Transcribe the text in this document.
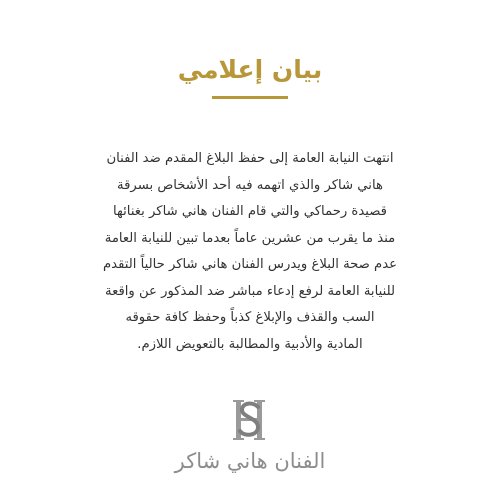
بيان إعلامي
انتهت النيابة العامة إلى حفظ البلاغ المقدم ضد الفنان
هاني شاكر والذي اتهمه فيه أحد الأشخاص بسرقة
قصيدة رحماكي والتي قام الفنان هاني شاكر بغنائها
منذ ما يقرب من عشرين عاماً بعدما تبين للنيابة العامة
عدم صحة البلاغ ويدرس الفنان هاني شاكر حالياً التقدم
للنيابة العامة لرفع إدعاء مباشر ضد المذكور عن واقعة
السب والقذف والإبلاغ كذباً وحفظ كافة حقوقه
المادية والأدبية والمطالبة بالتعويض اللازم.
الفنان هاني شاكر
